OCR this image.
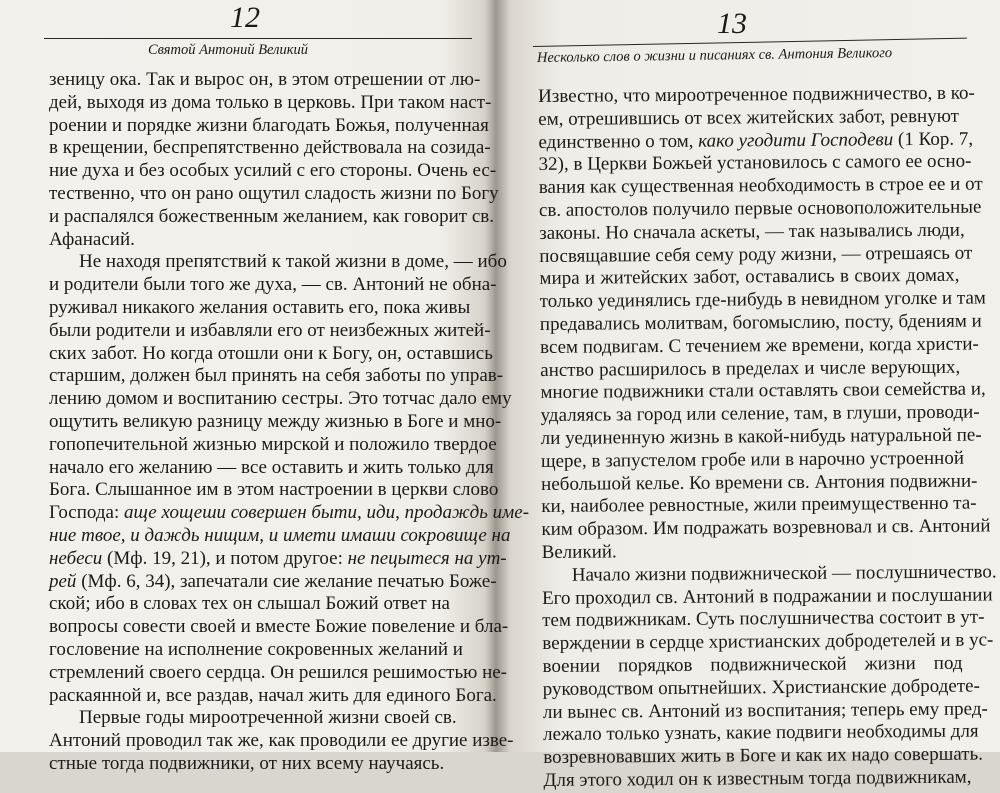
12
Святой Антоний Великий
зеницу ока. Так и вырос он, в этом отрешении от лю-
дей, выходя из дома только в церковь. При таком наст-
роении и порядке жизни благодать Божья, полученная
в крещении, беспрепятственно действовала на созида-
ние духа и без особых усилий с его стороны. Очень ес-
тественно, что он рано ощутил сладость жизни по Богу
и распалялся божественным желанием, как говорит св.
Афанасий.
Не находя препятствий к такой жизни в доме, — ибо
и родители были того же духа, — св. Антоний не обна-
руживал никакого желания оставить его, пока живы
были родители и избавляли его от неизбежных житей-
ских забот. Но когда отошли они к Богу, он, оставшись
старшим, должен был принять на себя заботы по управ-
лению домом и воспитанию сестры. Это тотчас дало ему
ощутить великую разницу между жизнью в Боге и мно-
гопопечительной жизнью мирской и положило твердое
начало его желанию — все оставить и жить только для
Бога. Слышанное им в этом настроении в церкви слово
Господа: аще хощеши совершен быти, иди, продаждь име-
ние твое, и даждь нищим, и имети имаши сокровище на
небеси (Мф. 19, 21), и потом другое: не пецытеся на ут-
рей (Мф. 6, 34), запечатали сие желание печатью Боже-
ской; ибо в словах тех он слышал Божий ответ на
вопросы совести своей и вместе Божие повеление и бла-
гословение на исполнение сокровенных желаний и
стремлений своего сердца. Он решился решимостью не-
раскаянной и, все раздав, начал жить для единого Бога.
Первые годы мироотреченной жизни своей св.
Антоний проводил так же, как проводили ее другие изве-
стные тогда подвижники, от них всему научаясь.
13
Несколько слов о жизни и писаниях св. Антония Великого
Известно, что мироотреченное подвижничество, в ко-
ем, отрешившись от всех житейских забот, ревнуют
единственно о том, како угодити Господеви (1 Кор. 7,
32), в Церкви Божьей установилось с самого ее осно-
вания как существенная необходимость в строе ее и от
св. апостолов получило первые основоположительные
законы. Но сначала аскеты, — так назывались люди,
посвящавшие себя сему роду жизни, — отрешаясь от
мира и житейских забот, оставались в своих домах,
только уединялись где-нибудь в невидном уголке и там
предавались молитвам, богомыслию, посту, бдениям и
всем подвигам. С течением же времени, когда христи-
анство расширилось в пределах и числе верующих,
многие подвижники стали оставлять свои семейства и,
удаляясь за город или селение, там, в глуши, проводи-
ли уединенную жизнь в какой-нибудь натуральной пе-
щере, в запустелом гробе или в нарочно устроенной
небольшой келье. Ко времени св. Антония подвижни-
ки, наиболее ревностные, жили преимущественно та-
ким образом. Им подражать возревновал и св. Антоний
Великий.
Начало жизни подвижнической — послушничество.
Его проходил св. Антоний в подражании и послушании
тем подвижникам. Суть послушничества состоит в ут-
верждении в сердце христианских добродетелей и в ус-
воении порядков подвижнической жизни под
руководством опытнейших. Христианские добродете-
ли вынес св. Антоний из воспитания; теперь ему пред-
лежало только узнать, какие подвиги необходимы для
возревновавших жить в Боге и как их надо совершать.
Для этого ходил он к известным тогда подвижникам,
